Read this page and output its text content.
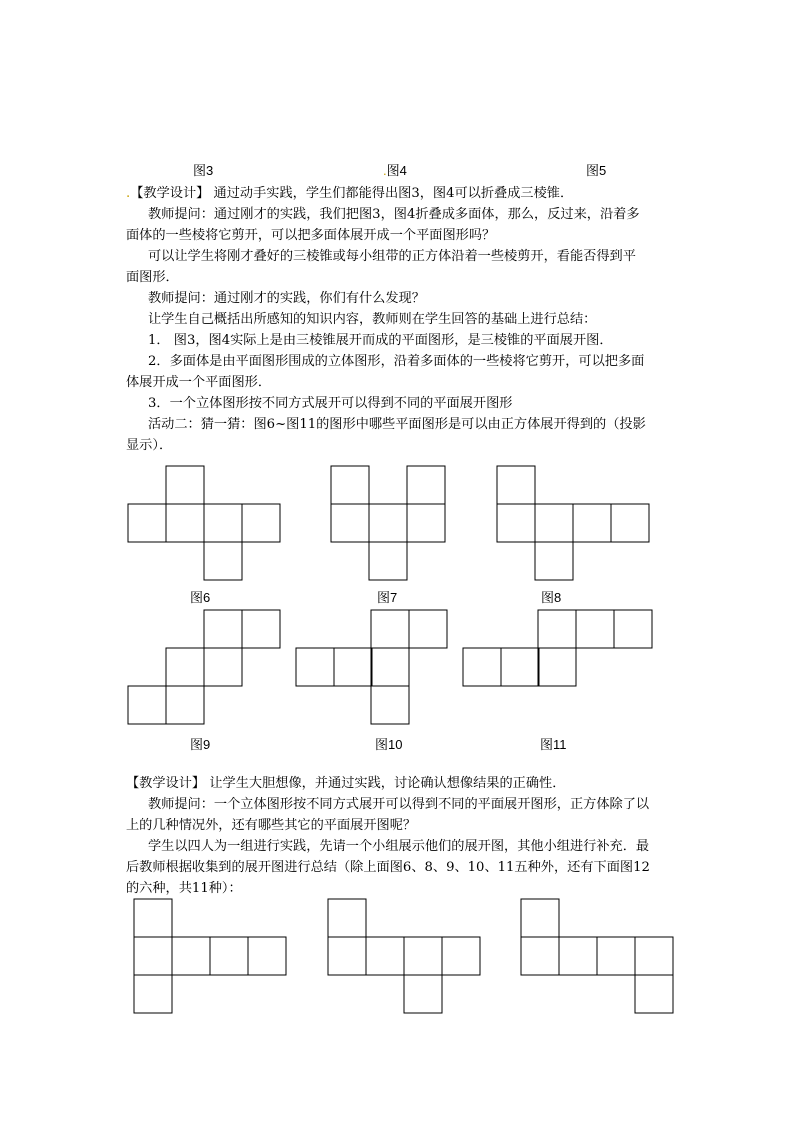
图3	.图4	图5
.【教学设计】 通过动手实践，学生们都能得出图3，图4可以折叠成三棱锥．
教师提问：通过刚才的实践，我们把图3，图4折叠成多面体，那么，反过来，沿着多
面体的一些棱将它剪开，可以把多面体展开成一个平面图形吗？
可以让学生将刚才叠好的三棱锥或每小组带的正方体沿着一些棱剪开，看能否得到平
面图形．
教师提问：通过刚才的实践，你们有什么发现？
让学生自己概括出所感知的知识内容，教师则在学生回答的基础上进行总结：
1． 图3，图4实际上是由三棱锥展开而成的平面图形，是三棱锥的平面展开图．
2．多面体是由平面图形围成的立体图形，沿着多面体的一些棱将它剪开，可以把多面
体展开成一个平面图形．
3．一个立体图形按不同方式展开可以得到不同的平面展开图形
活动二：猜一猜：图6~图11的图形中哪些平面图形是可以由正方体展开得到的（投影
显示）．
图6	图7	图8
图9	图10	图11
【教学设计】 让学生大胆想像，并通过实践，讨论确认想像结果的正确性．
教师提问：一个立体图形按不同方式展开可以得到不同的平面展开图形，正方体除了以
上的几种情况外，还有哪些其它的平面展开图呢？
学生以四人为一组进行实践，先请一个小组展示他们的展开图，其他小组进行补充．最
后教师根据收集到的展开图进行总结（除上面图6、8、9、10、11五种外，还有下面图12
的六种，共11种）：
